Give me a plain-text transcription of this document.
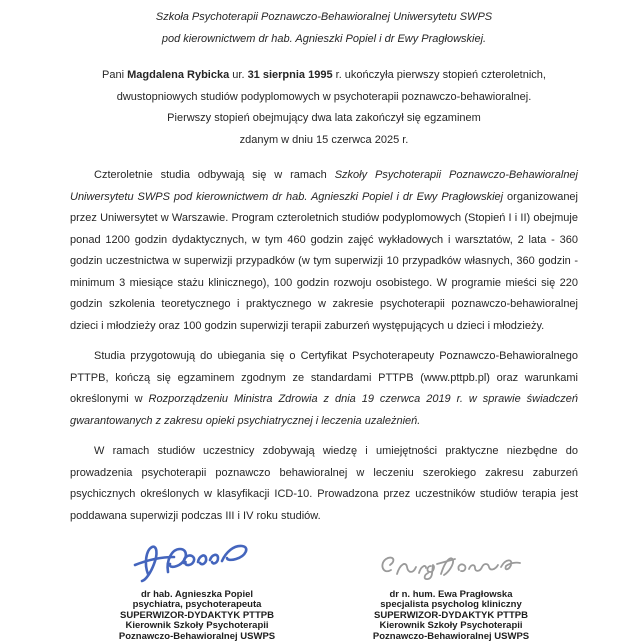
Szkoła Psychoterapii Poznawczo-Behawioralnej Uniwersytetu SWPS
pod kierownictwem dr hab. Agnieszki Popiel i dr Ewy Pragłowskiej.
Pani Magdalena Rybicka ur. 31 sierpnia 1995 r. ukończyła pierwszy stopień czteroletnich,
dwustopniowych studiów podyplomowych w psychoterapii poznawczo-behawioralnej.
Pierwszy stopień obejmujący dwa lata zakończył się egzaminem
zdanym w dniu 15 czerwca 2025 r.

Czteroletnie studia odbywają się w ramach Szkoły Psychoterapii Poznawczo-Behawioralnej Uniwersytetu SWPS pod kierownictwem dr hab. Agnieszki Popiel i dr Ewy Pragłowskiej organizowanej przez Uniwersytet w Warszawie. Program czteroletnich studiów podyplomowych (Stopień I i II) obejmuje ponad 1200 godzin dydaktycznych, w tym 460 godzin zajęć wykładowych i warsztatów, 2 lata - 360 godzin uczestnictwa w superwizji przypadków (w tym superwizji 10 przypadków własnych, 360 godzin - minimum 3 miesiące stażu klinicznego), 100 godzin rozwoju osobistego. W programie mieści się 220 godzin szkolenia teoretycznego i praktycznego w zakresie psychoterapii poznawczo-behawioralnej dzieci i młodzieży oraz 100 godzin superwizji terapii zaburzeń występujących u dzieci i młodzieży.

Studia przygotowują do ubiegania się o Certyfikat Psychoterapeuty Poznawczo-Behawioralnego PTTPB, kończą się egzaminem zgodnym ze standardami PTTPB (www.pttpb.pl) oraz warunkami określonymi w Rozporządzeniu Ministra Zdrowia z dnia 19 czerwca 2019 r. w sprawie świadczeń gwarantowanych z zakresu opieki psychiatrycznej i leczenia uzależnień.

W ramach studiów uczestnicy zdobywają wiedzę i umiejętności praktyczne niezbędne do prowadzenia psychoterapii poznawczo behawioralnej w leczeniu szerokiego zakresu zaburzeń psychicznych określonych w klasyfikacji ICD-10. Prowadzona przez uczestników studiów terapia jest poddawana superwizji podczas III i IV roku studiów.

dr hab. Agnieszka Popiel
psychiatra, psychoterapeuta
SUPERWIZOR-DYDAKTYK PTTPB
Kierownik Szkoły Psychoterapii
Poznawczo-Behawioralnej USWPS
dr n. hum. Ewa Pragłowska
specjalista psycholog kliniczny
SUPERWIZOR-DYDAKTYK PTTPB
Kierownik Szkoły Psychoterapii
Poznawczo-Behawioralnej USWPS
